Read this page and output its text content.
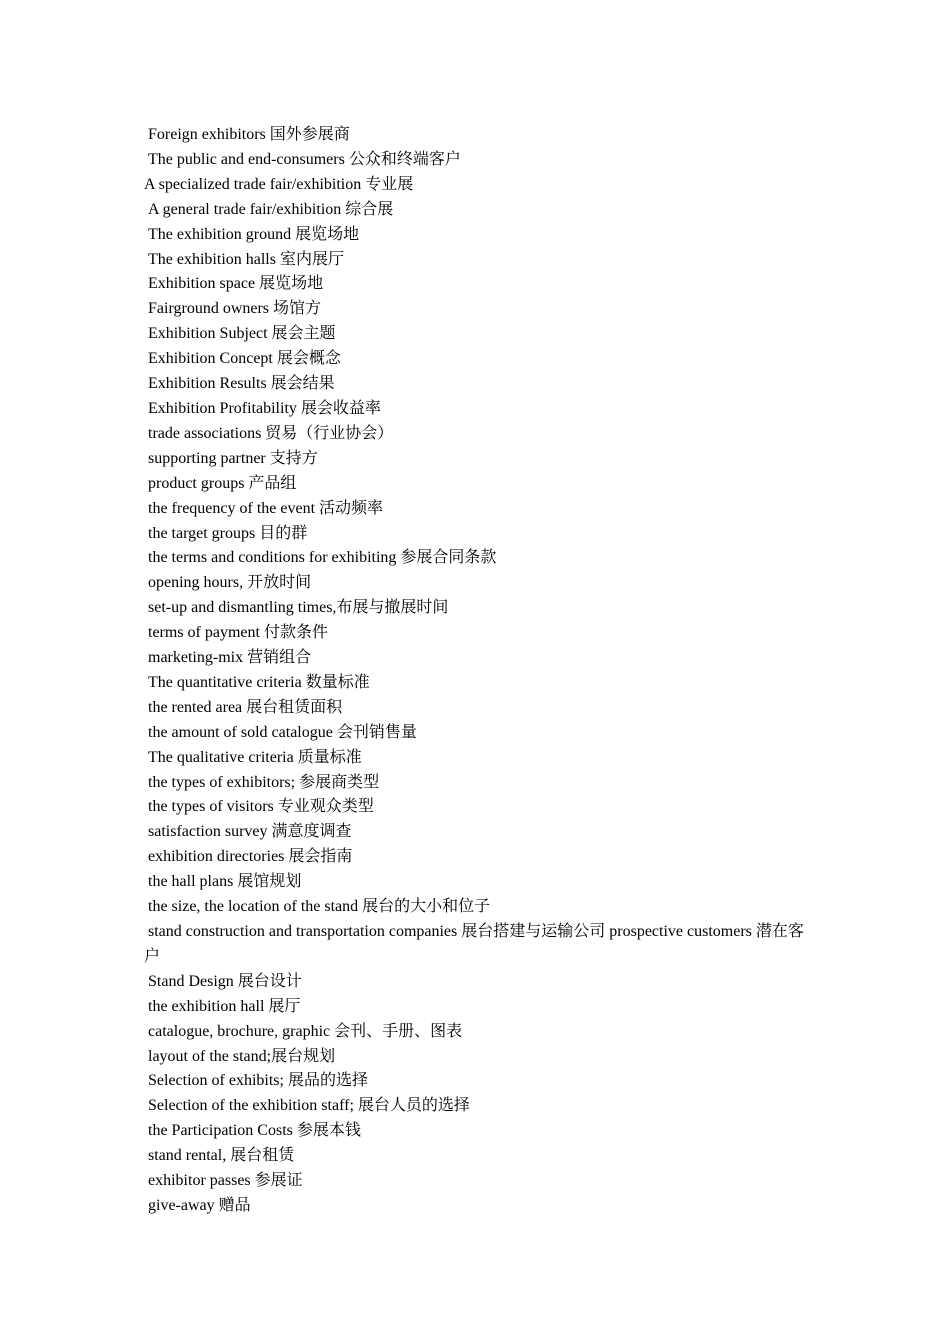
Foreign exhibitors 国外参展商
The public and end-consumers 公众和终端客户
A specialized trade fair/exhibition 专业展
A general trade fair/exhibition 综合展
The exhibition ground 展览场地
The exhibition halls 室内展厅
Exhibition space 展览场地
Fairground owners 场馆方
Exhibition Subject 展会主题
Exhibition Concept 展会概念
Exhibition Results 展会结果
Exhibition Profitability 展会收益率
trade associations 贸易（行业协会）
supporting partner 支持方
product groups 产品组
the frequency of the event 活动频率
the target groups 目的群
the terms and conditions for exhibiting 参展合同条款
opening hours, 开放时间
set-up and dismantling times,布展与撤展时间
terms of payment 付款条件
marketing-mix 营销组合
The quantitative criteria 数量标准
the rented area 展台租赁面积
the amount of sold catalogue 会刊销售量
The qualitative criteria 质量标准
the types of exhibitors; 参展商类型
the types of visitors 专业观众类型
satisfaction survey 满意度调查
exhibition directories 展会指南
the hall plans 展馆规划
the size, the location of the stand 展台的大小和位子
stand construction and transportation companies 展台搭建与运输公司 prospective customers 潜在客户
Stand Design 展台设计
the exhibition hall 展厅
catalogue, brochure, graphic 会刊、手册、图表
layout of the stand;展台规划
Selection of exhibits; 展品的选择
Selection of the exhibition staff; 展台人员的选择
the Participation Costs 参展本钱
stand rental, 展台租赁
exhibitor passes 参展证
give-away 赠品
